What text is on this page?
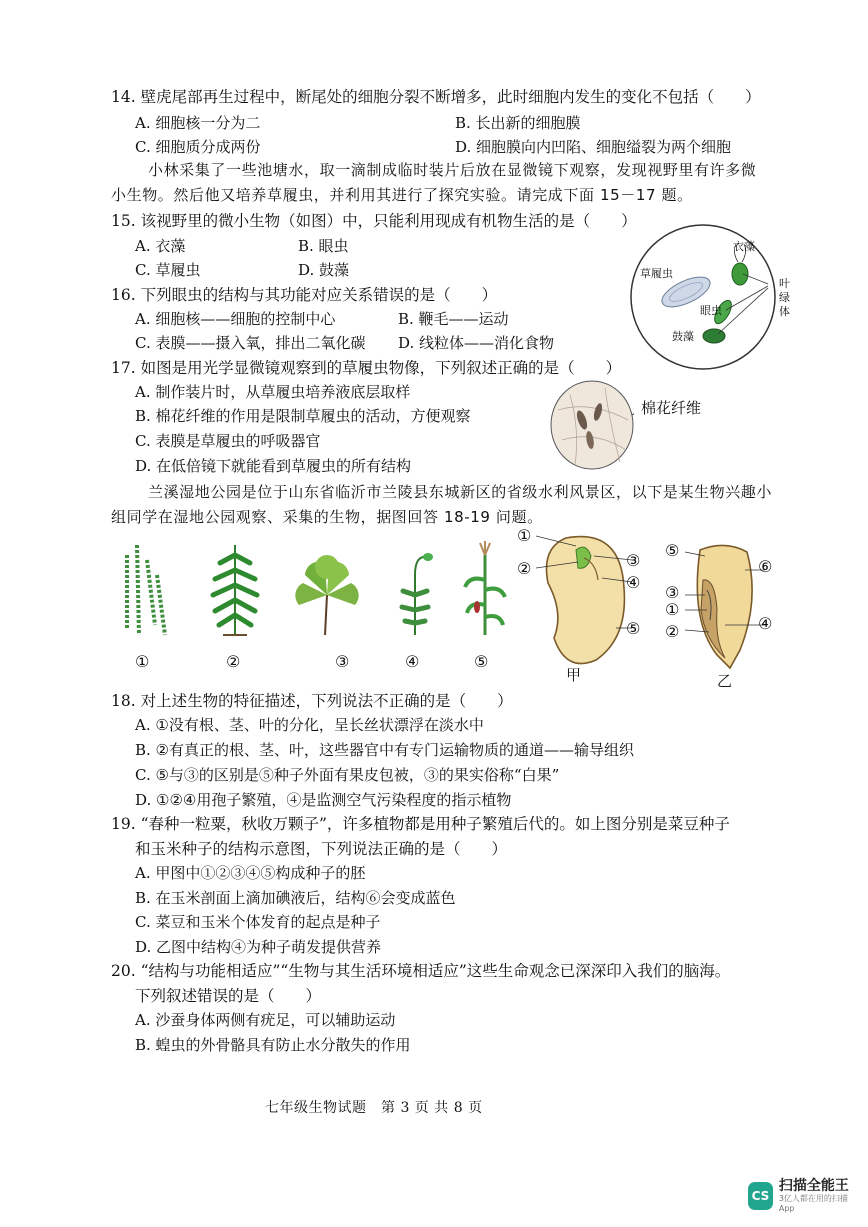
14. 壁虎尾部再生过程中，断尾处的细胞分裂不断增多，此时细胞内发生的变化不包括（　　）
A. 细胞核一分为二	B. 长出新的细胞膜
C. 细胞质分成两份	D. 细胞膜向内凹陷、细胞缢裂为两个细胞
小林采集了一些池塘水，取一滴制成临时装片后放在显微镜下观察，发现视野里有许多微
小生物。然后他又培养草履虫，并利用其进行了探究实验。请完成下面 15－17 题。
15. 该视野里的微小生物（如图）中，只能利用现成有机物生活的是（　　）
A. 衣藻	B. 眼虫
C. 草履虫	D. 鼓藻
衣藻
草履虫
眼虫
鼓藻
叶
绿
体
16. 下列眼虫的结构与其功能对应关系错误的是（　　）
A. 细胞核——细胞的控制中心	B. 鞭毛——运动
C. 表膜——摄入氧，排出二氧化碳 D. 线粒体——消化食物
17. 如图是用光学显微镜观察到的草履虫物像，下列叙述正确的是（　　）
A. 制作装片时，从草履虫培养液底层取样
B. 棉花纤维的作用是限制草履虫的活动，方便观察
C. 表膜是草履虫的呼吸器官
D. 在低倍镜下就能看到草履虫的所有结构
棉花纤维
兰溪湿地公园是位于山东省临沂市兰陵县东城新区的省级水利风景区，以下是某生物兴趣小
组同学在湿地公园观察、采集的生物，据图回答 18-19 问题。
①	②	③	④	⑤
①
②	③
④
⑤
甲
⑤
⑥
③
①
②	④
乙
18. 对上述生物的特征描述，下列说法不正确的是（　　）
A. ①没有根、茎、叶的分化，呈长丝状漂浮在淡水中
B. ②有真正的根、茎、叶，这些器官中有专门运输物质的通道——输导组织
C. ⑤与③的区别是⑤种子外面有果皮包被，③的果实俗称“白果”
D. ①②④用孢子繁殖，④是监测空气污染程度的指示植物
19. “春种一粒粟，秋收万颗子”，许多植物都是用种子繁殖后代的。如上图分别是菜豆种子
和玉米种子的结构示意图，下列说法正确的是（　　）
A. 甲图中①②③④⑤构成种子的胚
B. 在玉米剖面上滴加碘液后，结构⑥会变成蓝色
C. 菜豆和玉米个体发育的起点是种子
D. 乙图中结构④为种子萌发提供营养
20. “结构与功能相适应”“生物与其生活环境相适应”这些生命观念已深深印入我们的脑海。
下列叙述错误的是（　　）
A. 沙蚕身体两侧有疣足，可以辅助运动
B. 蝗虫的外骨骼具有防止水分散失的作用
七年级生物试题　第 3 页 共 8 页
CS
扫描全能王
3亿人都在用的扫描App
